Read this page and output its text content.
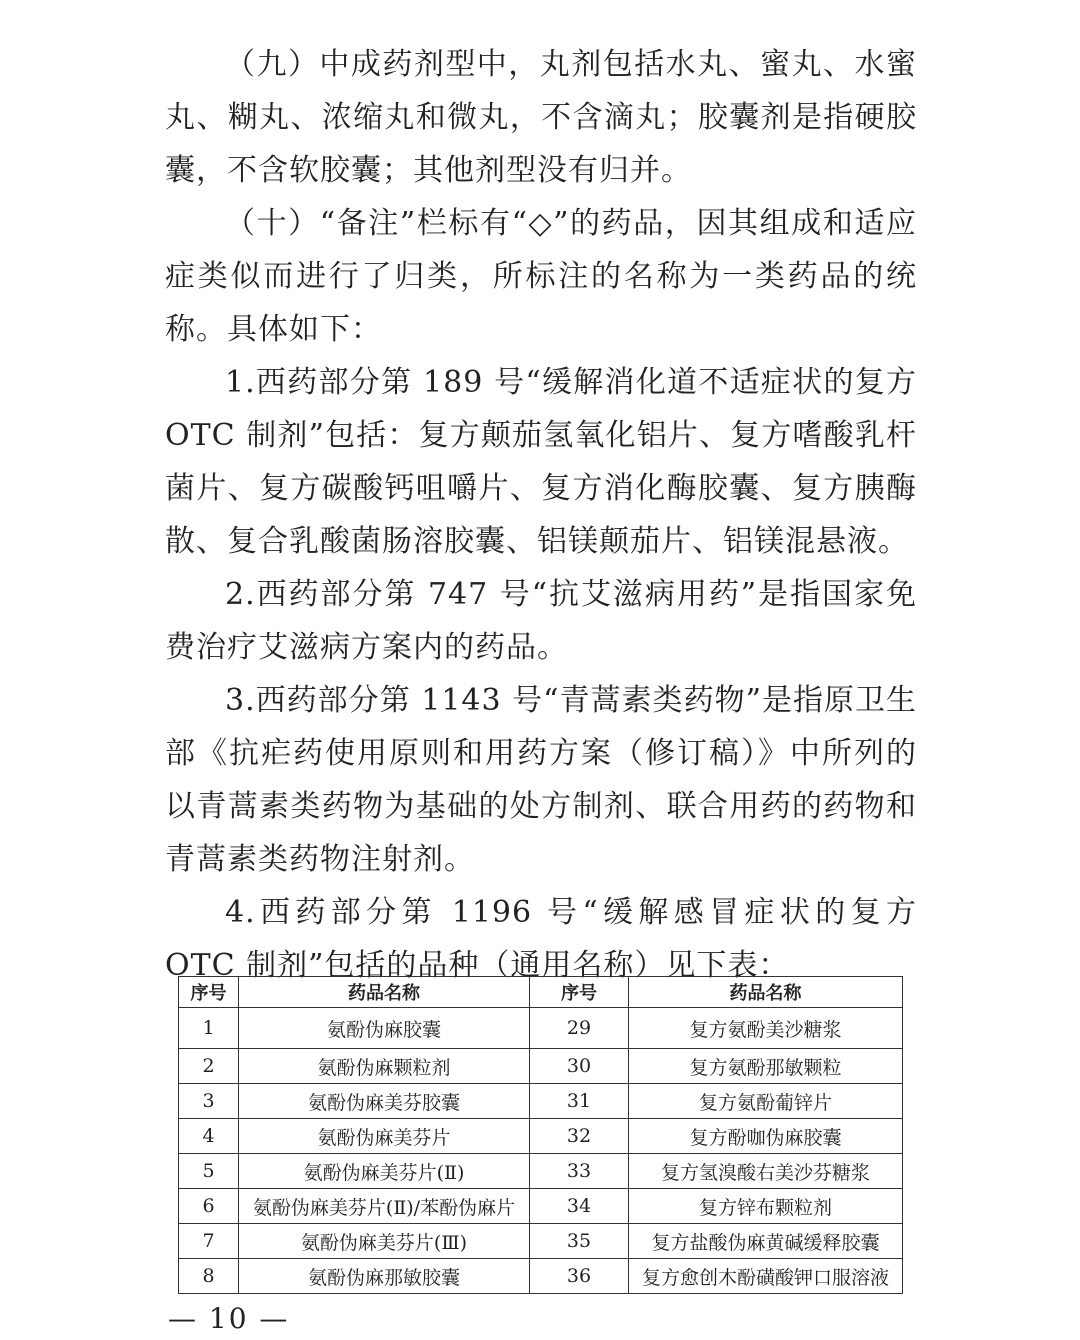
（九）中成药剂型中，丸剂包括水丸、蜜丸、水蜜丸、糊丸、浓缩丸和微丸，不含滴丸；胶囊剂是指硬胶囊，不含软胶囊；其他剂型没有归并。

（十）“备注”栏标有“◇”的药品，因其组成和适应症类似而进行了归类，所标注的名称为一类药品的统称。具体如下：

1.西药部分第 189 号“缓解消化道不适症状的复方 OTC 制剂”包括：复方颠茄氢氧化铝片、复方嗜酸乳杆菌片、复方碳酸钙咀嚼片、复方消化酶胶囊、复方胰酶散、复合乳酸菌肠溶胶囊、铝镁颠茄片、铝镁混悬液。

2.西药部分第 747 号“抗艾滋病用药”是指国家免费治疗艾滋病方案内的药品。

3.西药部分第 1143 号“青蒿素类药物”是指原卫生部《抗疟药使用原则和用药方案（修订稿）》中所列的以青蒿素类药物为基础的处方制剂、联合用药的药物和青蒿素类药物注射剂。

4.西药部分第 1196 号“缓解感冒症状的复方 OTC 制剂”包括的品种（通用名称）见下表：

序号	药品名称	序号	药品名称
1	氨酚伪麻胶囊	29	复方氨酚美沙糖浆
2	氨酚伪麻颗粒剂	30	复方氨酚那敏颗粒
3	氨酚伪麻美芬胶囊	31	复方氨酚葡锌片
4	氨酚伪麻美芬片	32	复方酚咖伪麻胶囊
5	氨酚伪麻美芬片(Ⅱ)	33	复方氢溴酸右美沙芬糖浆
6	氨酚伪麻美芬片(Ⅱ)/苯酚伪麻片	34	复方锌布颗粒剂
7	氨酚伪麻美芬片(Ⅲ)	35	复方盐酸伪麻黄碱缓释胶囊
8	氨酚伪麻那敏胶囊	36	复方愈创木酚磺酸钾口服溶液
— 10 —
